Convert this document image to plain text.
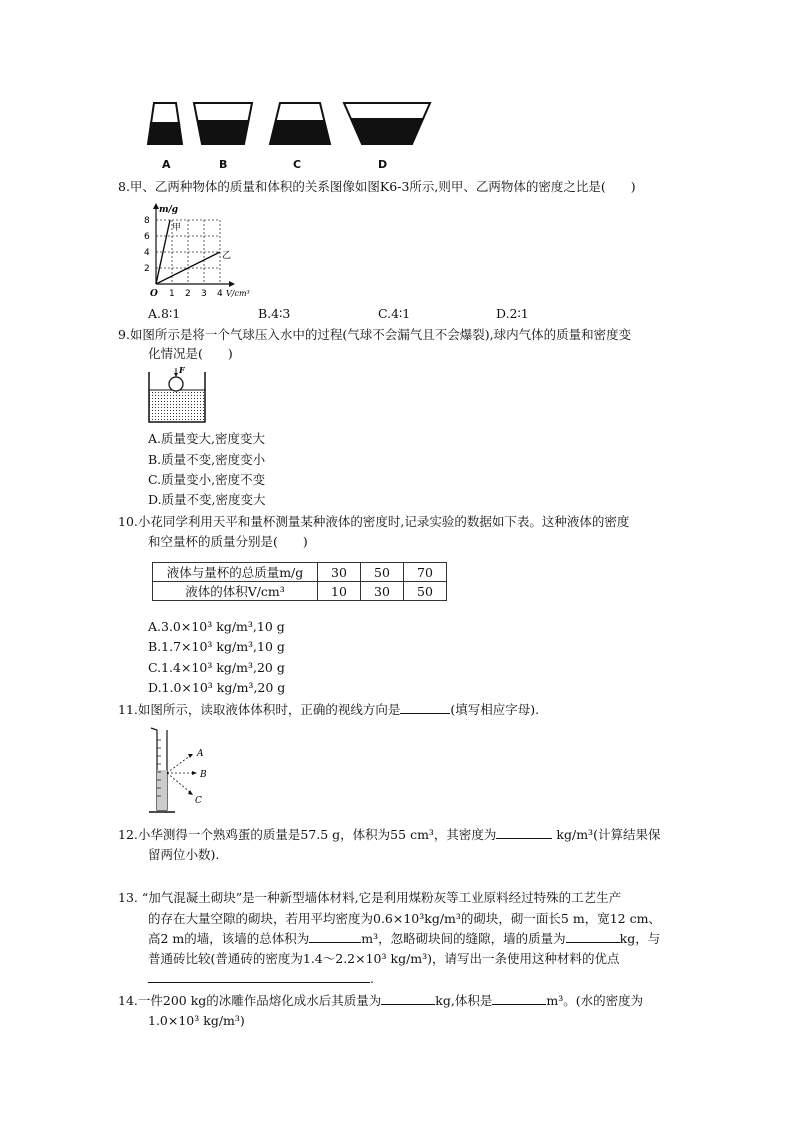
A	B	C	D
8.甲、乙两种物体的质量和体积的关系图像如图K6-3所示,则甲、乙两物体的密度之比是(　　)
m/g
8
6
4
2
O 1 2 3 4 V/cm³
甲
乙
A.8∶1	B.4∶3	C.4∶1	D.2∶1
9.如图所示是将一个气球压入水中的过程(气球不会漏气且不会爆裂),球内气体的质量和密度变
化情况是(　　)
F
A.质量变大,密度变大
B.质量不变,密度变小
C.质量变小,密度不变
D.质量不变,密度变大
10.小花同学利用天平和量杯测量某种液体的密度时,记录实验的数据如下表。这种液体的密度
和空量杯的质量分别是(　　)
液体与量杯的总质量m/g	30	50	70
液体的体积V/cm³	10	30	50
A.3.0×10³ kg/m³,10 g
B.1.7×10³ kg/m³,10 g
C.1.4×10³ kg/m³,20 g
D.1.0×10³ kg/m³,20 g
11.如图所示，读取液体体积时，正确的视线方向是	(填写相应字母).
A
B
C
12.小华测得一个熟鸡蛋的质量是57.5 g，体积为55 cm³，其密度为	kg/m³(计算结果保
留两位小数).
13. “加气混凝土砌块”是一种新型墙体材料,它是利用煤粉灰等工业原料经过特殊的工艺生产
的存在大量空隙的砌块，若用平均密度为0.6×10³kg/m³的砌块，砌一面长5 m，宽12 cm、
高2 m的墙，该墙的总体积为	m³，忽略砌块间的缝隙，墙的质量为	kg，与
普通砖比较(普通砖的密度为1.4～2.2×10³ kg/m³)，请写出一条使用这种材料的优点
.
14.一件200 kg的冰雕作品熔化成水后其质量为	kg,体积是	m³。(水的密度为
1.0×10³ kg/m³)
